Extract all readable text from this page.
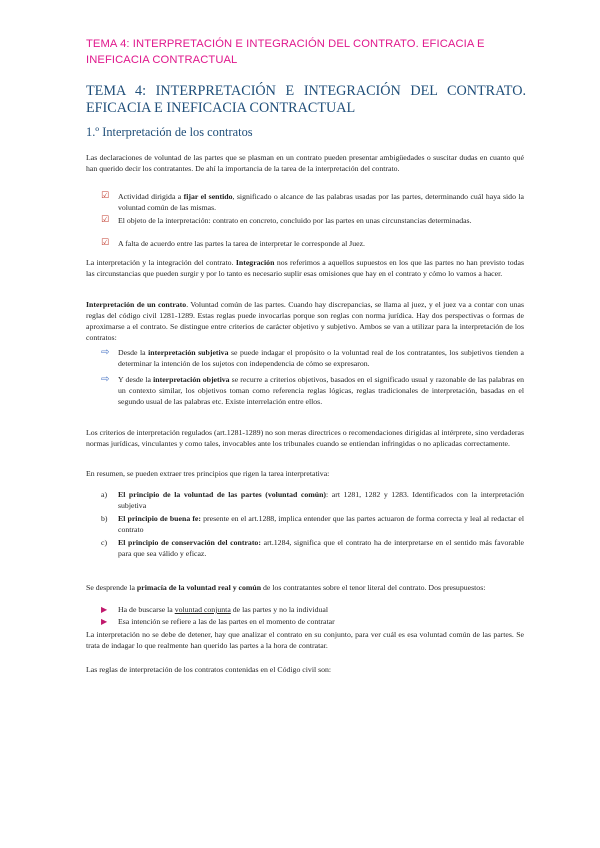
TEMA 4: INTERPRETACIÓN E INTEGRACIÓN DEL CONTRATO. EFICACIA E INEFICACIA CONTRACTUAL
TEMA 4: INTERPRETACIÓN E INTEGRACIÓN DEL CONTRATO. EFICACIA E INEFICACIA CONTRACTUAL
1.º Interpretación de los contratos

Las declaraciones de voluntad de las partes que se plasman en un contrato pueden presentar ambigüedades o suscitar dudas en cuanto qué han querido decir los contratantes. De ahí la importancia de la tarea de la interpretación del contrato.

☑ Actividad dirigida a fijar el sentido, significado o alcance de las palabras usadas por las partes, determinando cuál haya sido la voluntad común de las mismas.

☑ El objeto de la interpretación: contrato en concreto, concluido por las partes en unas circunstancias determinadas.

☑ A falta de acuerdo entre las partes la tarea de interpretar le corresponde al Juez.

La interpretación y la integración del contrato. Integración nos referimos a aquellos supuestos en los que las partes no han previsto todas las circunstancias que pueden surgir y por lo tanto es necesario suplir esas omisiones que hay en el contrato y cómo lo vamos a hacer.

Interpretación de un contrato. Voluntad común de las partes. Cuando hay discrepancias, se llama al juez, y el juez va a contar con unas reglas del código civil 1281-1289. Estas reglas puede invocarlas porque son reglas con norma jurídica. Hay dos perspectivas o formas de aproximarse a el contrato. Se distingue entre criterios de carácter objetivo y subjetivo. Ambos se van a utilizar para la interpretación de los contratos:

⇨ Desde la interpretación subjetiva se puede indagar el propósito o la voluntad real de los contratantes, los subjetivos tienden a determinar la intención de los sujetos con independencia de cómo se expresaron.

⇨ Y desde la interpretación objetiva se recurre a criterios objetivos, basados en el significado usual y razonable de las palabras en un contexto similar, los objetivos toman como referencia reglas lógicas, reglas tradicionales de interpretación, basadas en el segundo usual de las palabras etc. Existe interrelación entre ellos.

Los criterios de interpretación regulados (art.1281-1289) no son meras directrices o recomendaciones dirigidas al intérprete, sino verdaderas normas jurídicas, vinculantes y como tales, invocables ante los tribunales cuando se entiendan infringidas o no aplicadas correctamente.

En resumen, se pueden extraer tres principios que rigen la tarea interpretativa:

a) El principio de la voluntad de las partes (voluntad común): art 1281, 1282 y 1283. Identificados con la interpretación subjetiva

b) El principio de buena fe: presente en el art.1288, implica entender que las partes actuaron de forma correcta y leal al redactar el contrato

c) El principio de conservación del contrato: art.1284, significa que el contrato ha de interpretarse en el sentido más favorable para que sea válido y eficaz.

Se desprende la primacía de la voluntad real y común de los contratantes sobre el tenor literal del contrato. Dos presupuestos:

▶ Ha de buscarse la voluntad conjunta de las partes y no la individual

▶ Esa intención se refiere a las de las partes en el momento de contratar

La interpretación no se debe de detener, hay que analizar el contrato en su conjunto, para ver cuál es esa voluntad común de las partes. Se trata de indagar lo que realmente han querido las partes a la hora de contratar.

Las reglas de interpretación de los contratos contenidas en el Código civil son:
